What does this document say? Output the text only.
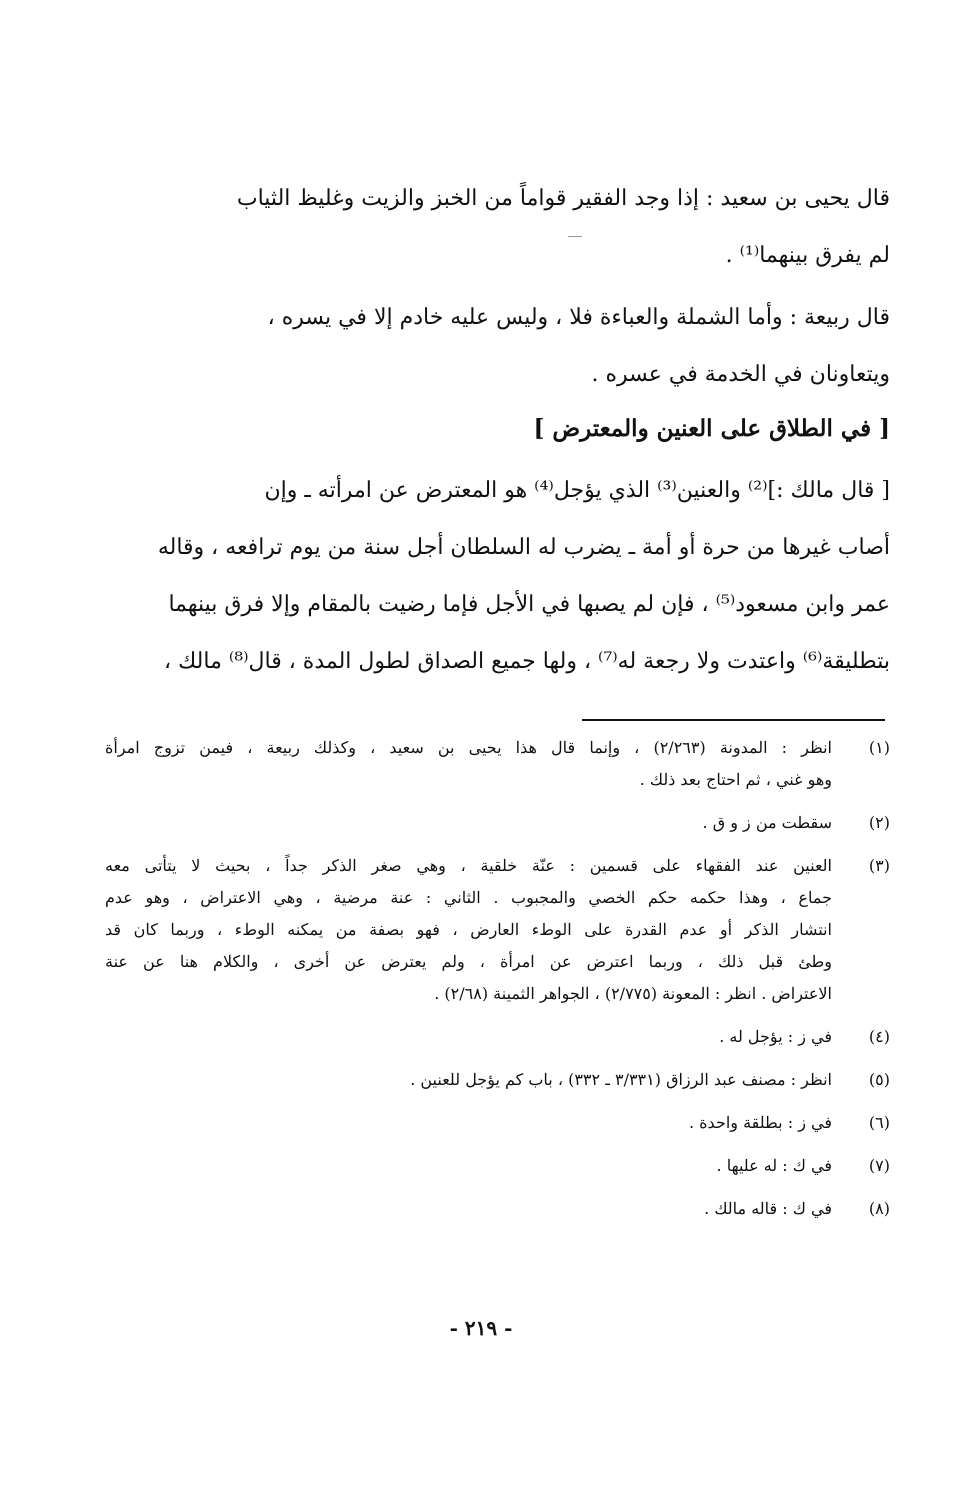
قال يحيى بن سعيد : إذا وجد الفقير قواماً من الخبز والزيت وغليظ الثياب
لم يفرق بينهما⁽¹⁾ .
قال ربيعة : وأما الشملة والعباءة فلا ، وليس عليه خادم إلا في يسره ،
ويتعاونان في الخدمة في عسره .
[ في الطلاق على العنين والمعترض ]
[ قال مالك :]⁽²⁾ والعنين⁽³⁾ الذي يؤجل⁽⁴⁾ هو المعترض عن امرأته ـ وإن
أصاب غيرها من حرة أو أمة ـ يضرب له السلطان أجل سنة من يوم ترافعه ، وقاله
عمر وابن مسعود⁽⁵⁾ ، فإن لم يصبها في الأجل فإما رضيت بالمقام وإلا فرق بينهما
بتطليقة⁽⁶⁾ واعتدت ولا رجعة له⁽⁷⁾ ، ولها جميع الصداق لطول المدة ، قال⁽⁸⁾ مالك ،
(١)
انظر : المدونة (٢/٢٦٣) ، وإنما قال هذا يحيى بن سعيد ، وكذلك ربيعة ، فيمن تزوج امرأة
وهو غني ، ثم احتاج بعد ذلك .
(٢)
سقطت من ز و ق .
(٣)
العنين عند الفقهاء على قسمين : عنّة خلقية ، وهي صغر الذكر جداً ، بحيث لا يتأتى معه
جماع ، وهذا حكمه حكم الخصي والمجبوب . الثاني : عنة مرضية ، وهي الاعتراض ، وهو عدم
انتشار الذكر أو عدم القدرة على الوطء العارض ، فهو بصفة من يمكنه الوطء ، وربما كان قد
وطئ قبل ذلك ، وربما اعترض عن امرأة ، ولم يعترض عن أخرى ، والكلام هنا عن عنة
الاعتراض . انظر : المعونة (٢/٧٧٥) ، الجواهر الثمينة (٢/٦٨) .
(٤)
في ز : يؤجل له .
(٥)
انظر : مصنف عبد الرزاق (٣/٣٣١ ـ ٣٣٢) ، باب كم يؤجل للعنين .
(٦)
في ز : بطلقة واحدة .
(٧)
في ك : له عليها .
(٨)
في ك : قاله مالك .
- ٢١٩ -
